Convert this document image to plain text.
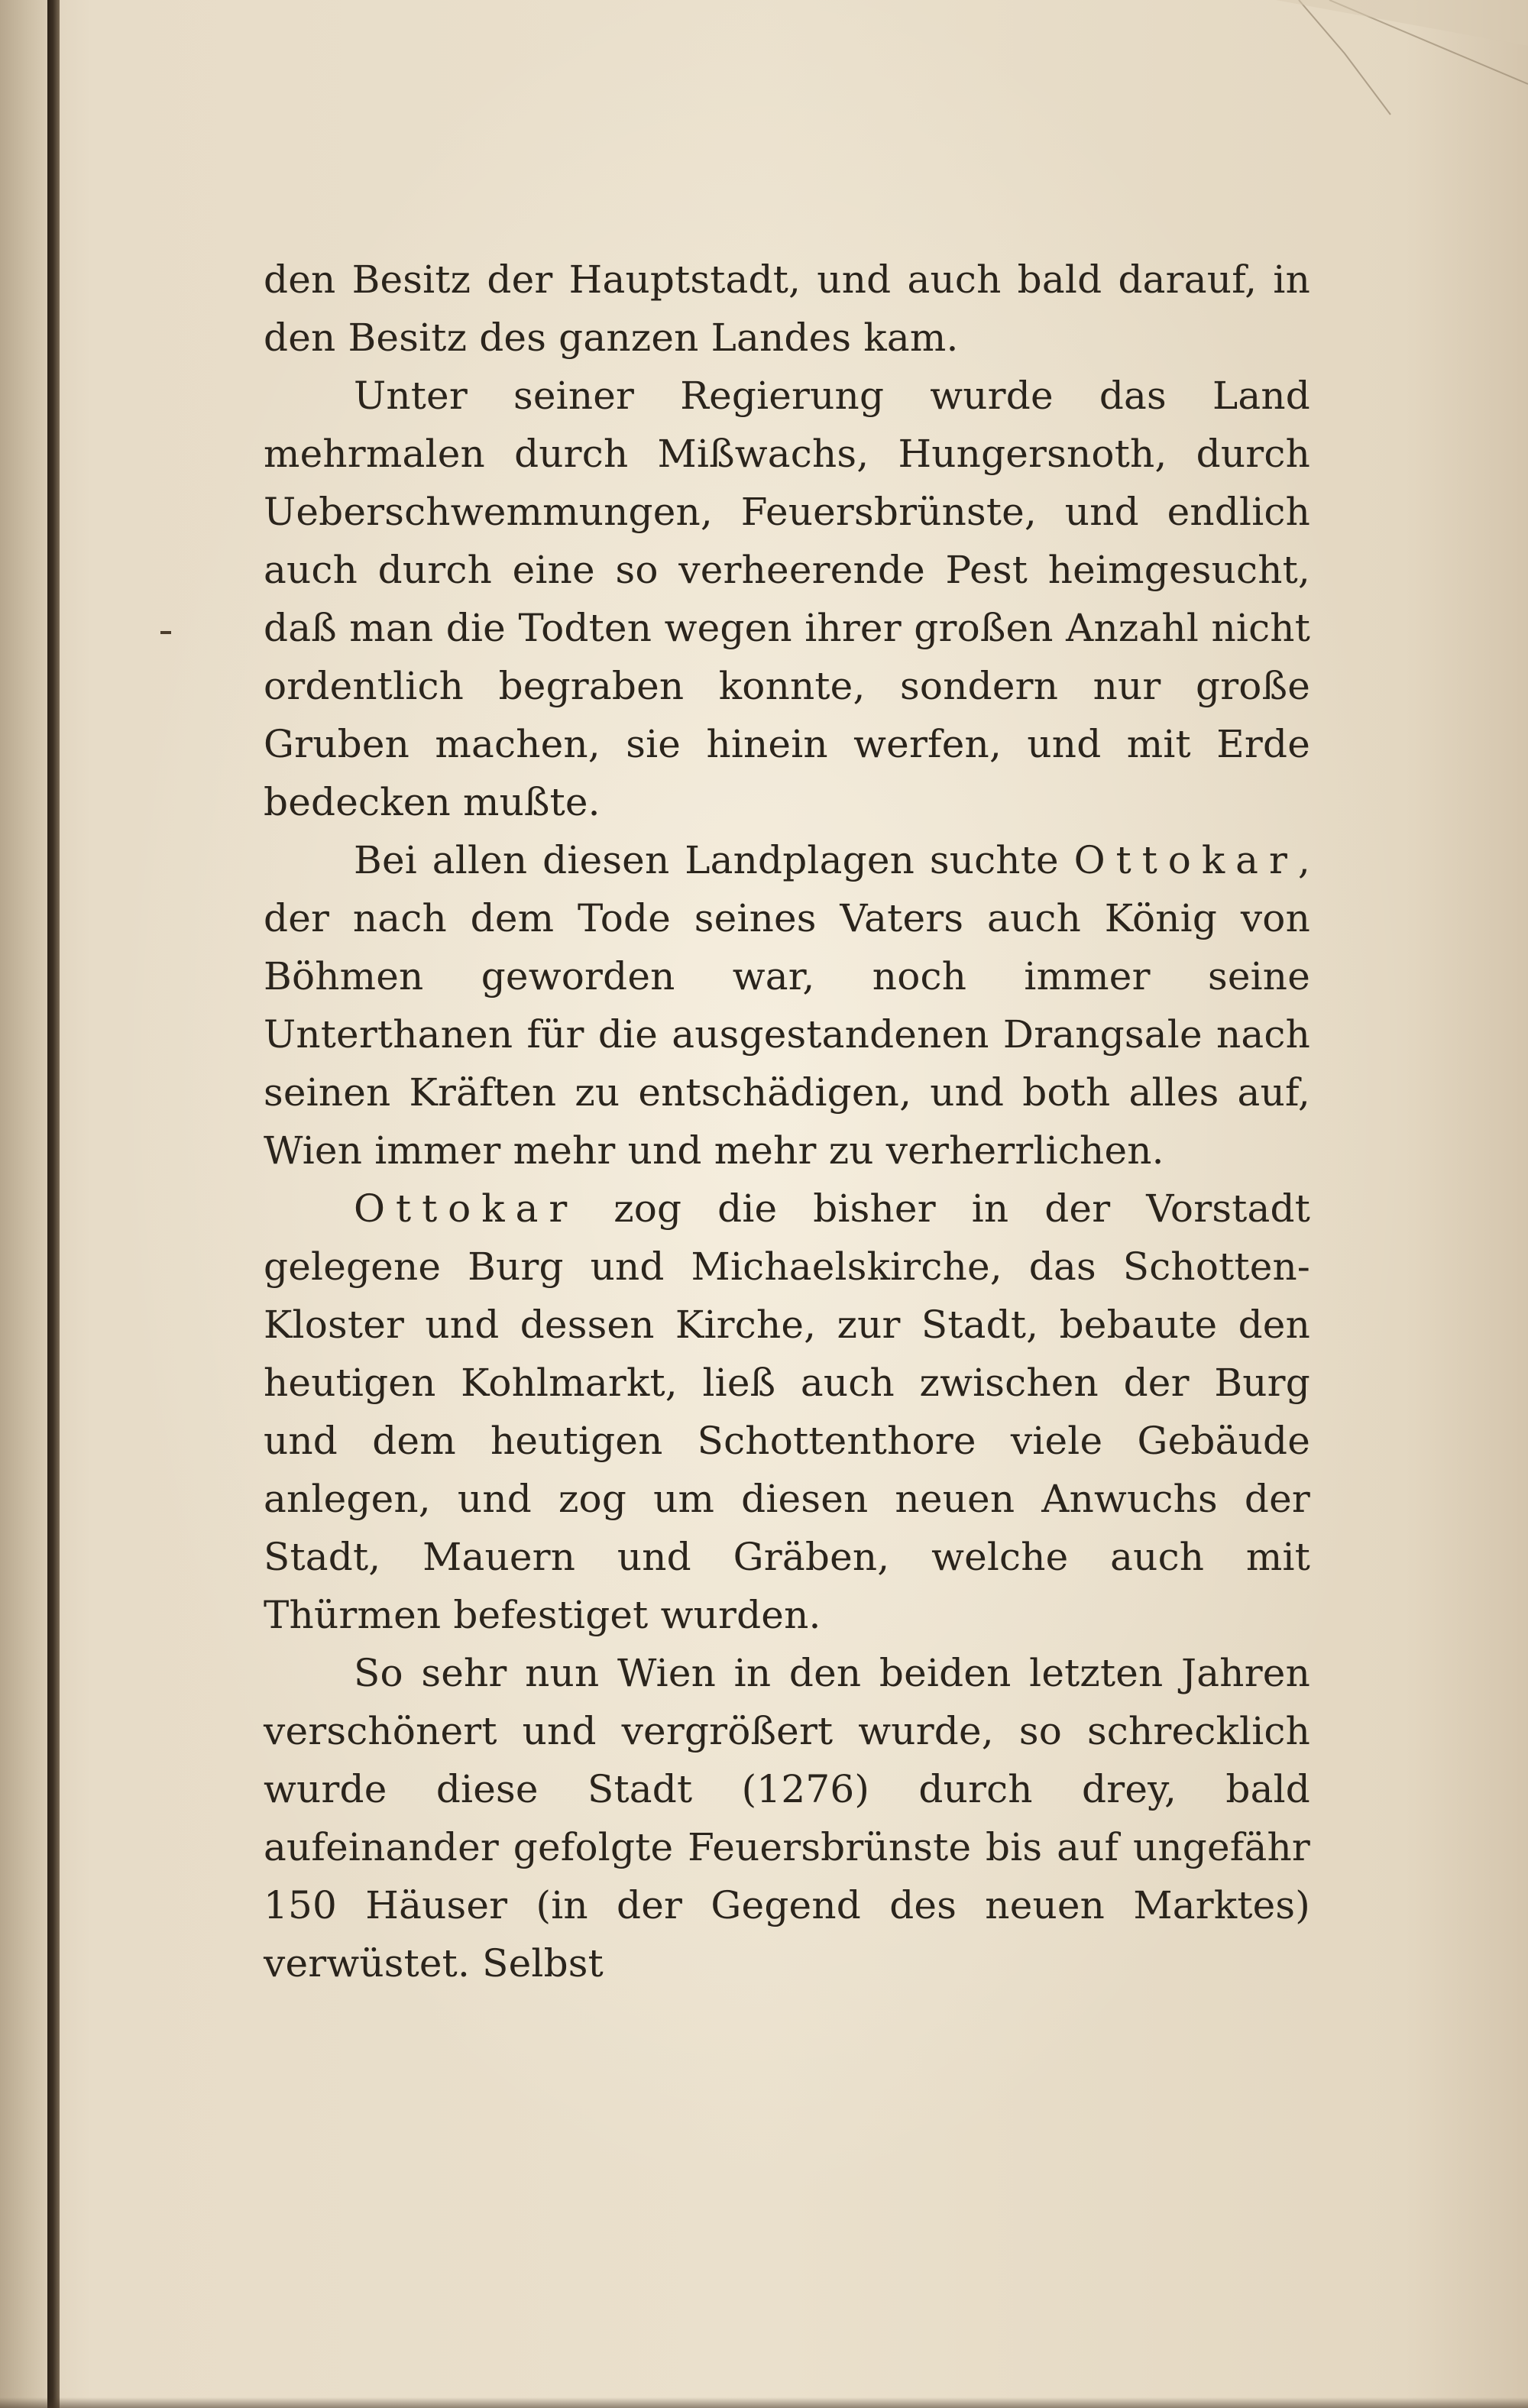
den Besitz der Hauptstadt, und auch bald darauf, in den Besitz des ganzen Landes kam.

Unter seiner Regierung wurde das Land mehrmalen durch Mißwachs, Hungersnoth, durch Ueberschwemmungen, Feuersbrünste, und endlich auch durch eine so verheerende Pest heimgesucht, daß man die Todten wegen ihrer großen Anzahl nicht ordentlich begraben konnte, sondern nur große Gruben machen, sie hinein werfen, und mit Erde bedecken mußte.

Bei allen diesen Landplagen suchte Ottokar, der nach dem Tode seines Vaters auch König von Böhmen geworden war, noch immer seine Unterthanen für die ausgestandenen Drangsale nach seinen Kräften zu entschädigen, und both alles auf, Wien immer mehr und mehr zu verherrlichen.

Ottokar zog die bisher in der Vorstadt gelegene Burg und Michaelskirche, das Schotten-Kloster und dessen Kirche, zur Stadt, bebaute den heutigen Kohlmarkt, ließ auch zwischen der Burg und dem heutigen Schottenthore viele Gebäude anlegen, und zog um diesen neuen Anwuchs der Stadt, Mauern und Gräben, welche auch mit Thürmen befestiget wurden.

So sehr nun Wien in den beiden letzten Jahren verschönert und vergrößert wurde, so schrecklich wurde diese Stadt (1276) durch drey, bald aufeinander gefolgte Feuersbrünste bis auf ungefähr 150 Häuser (in der Gegend des neuen Marktes) verwüstet. Selbst
